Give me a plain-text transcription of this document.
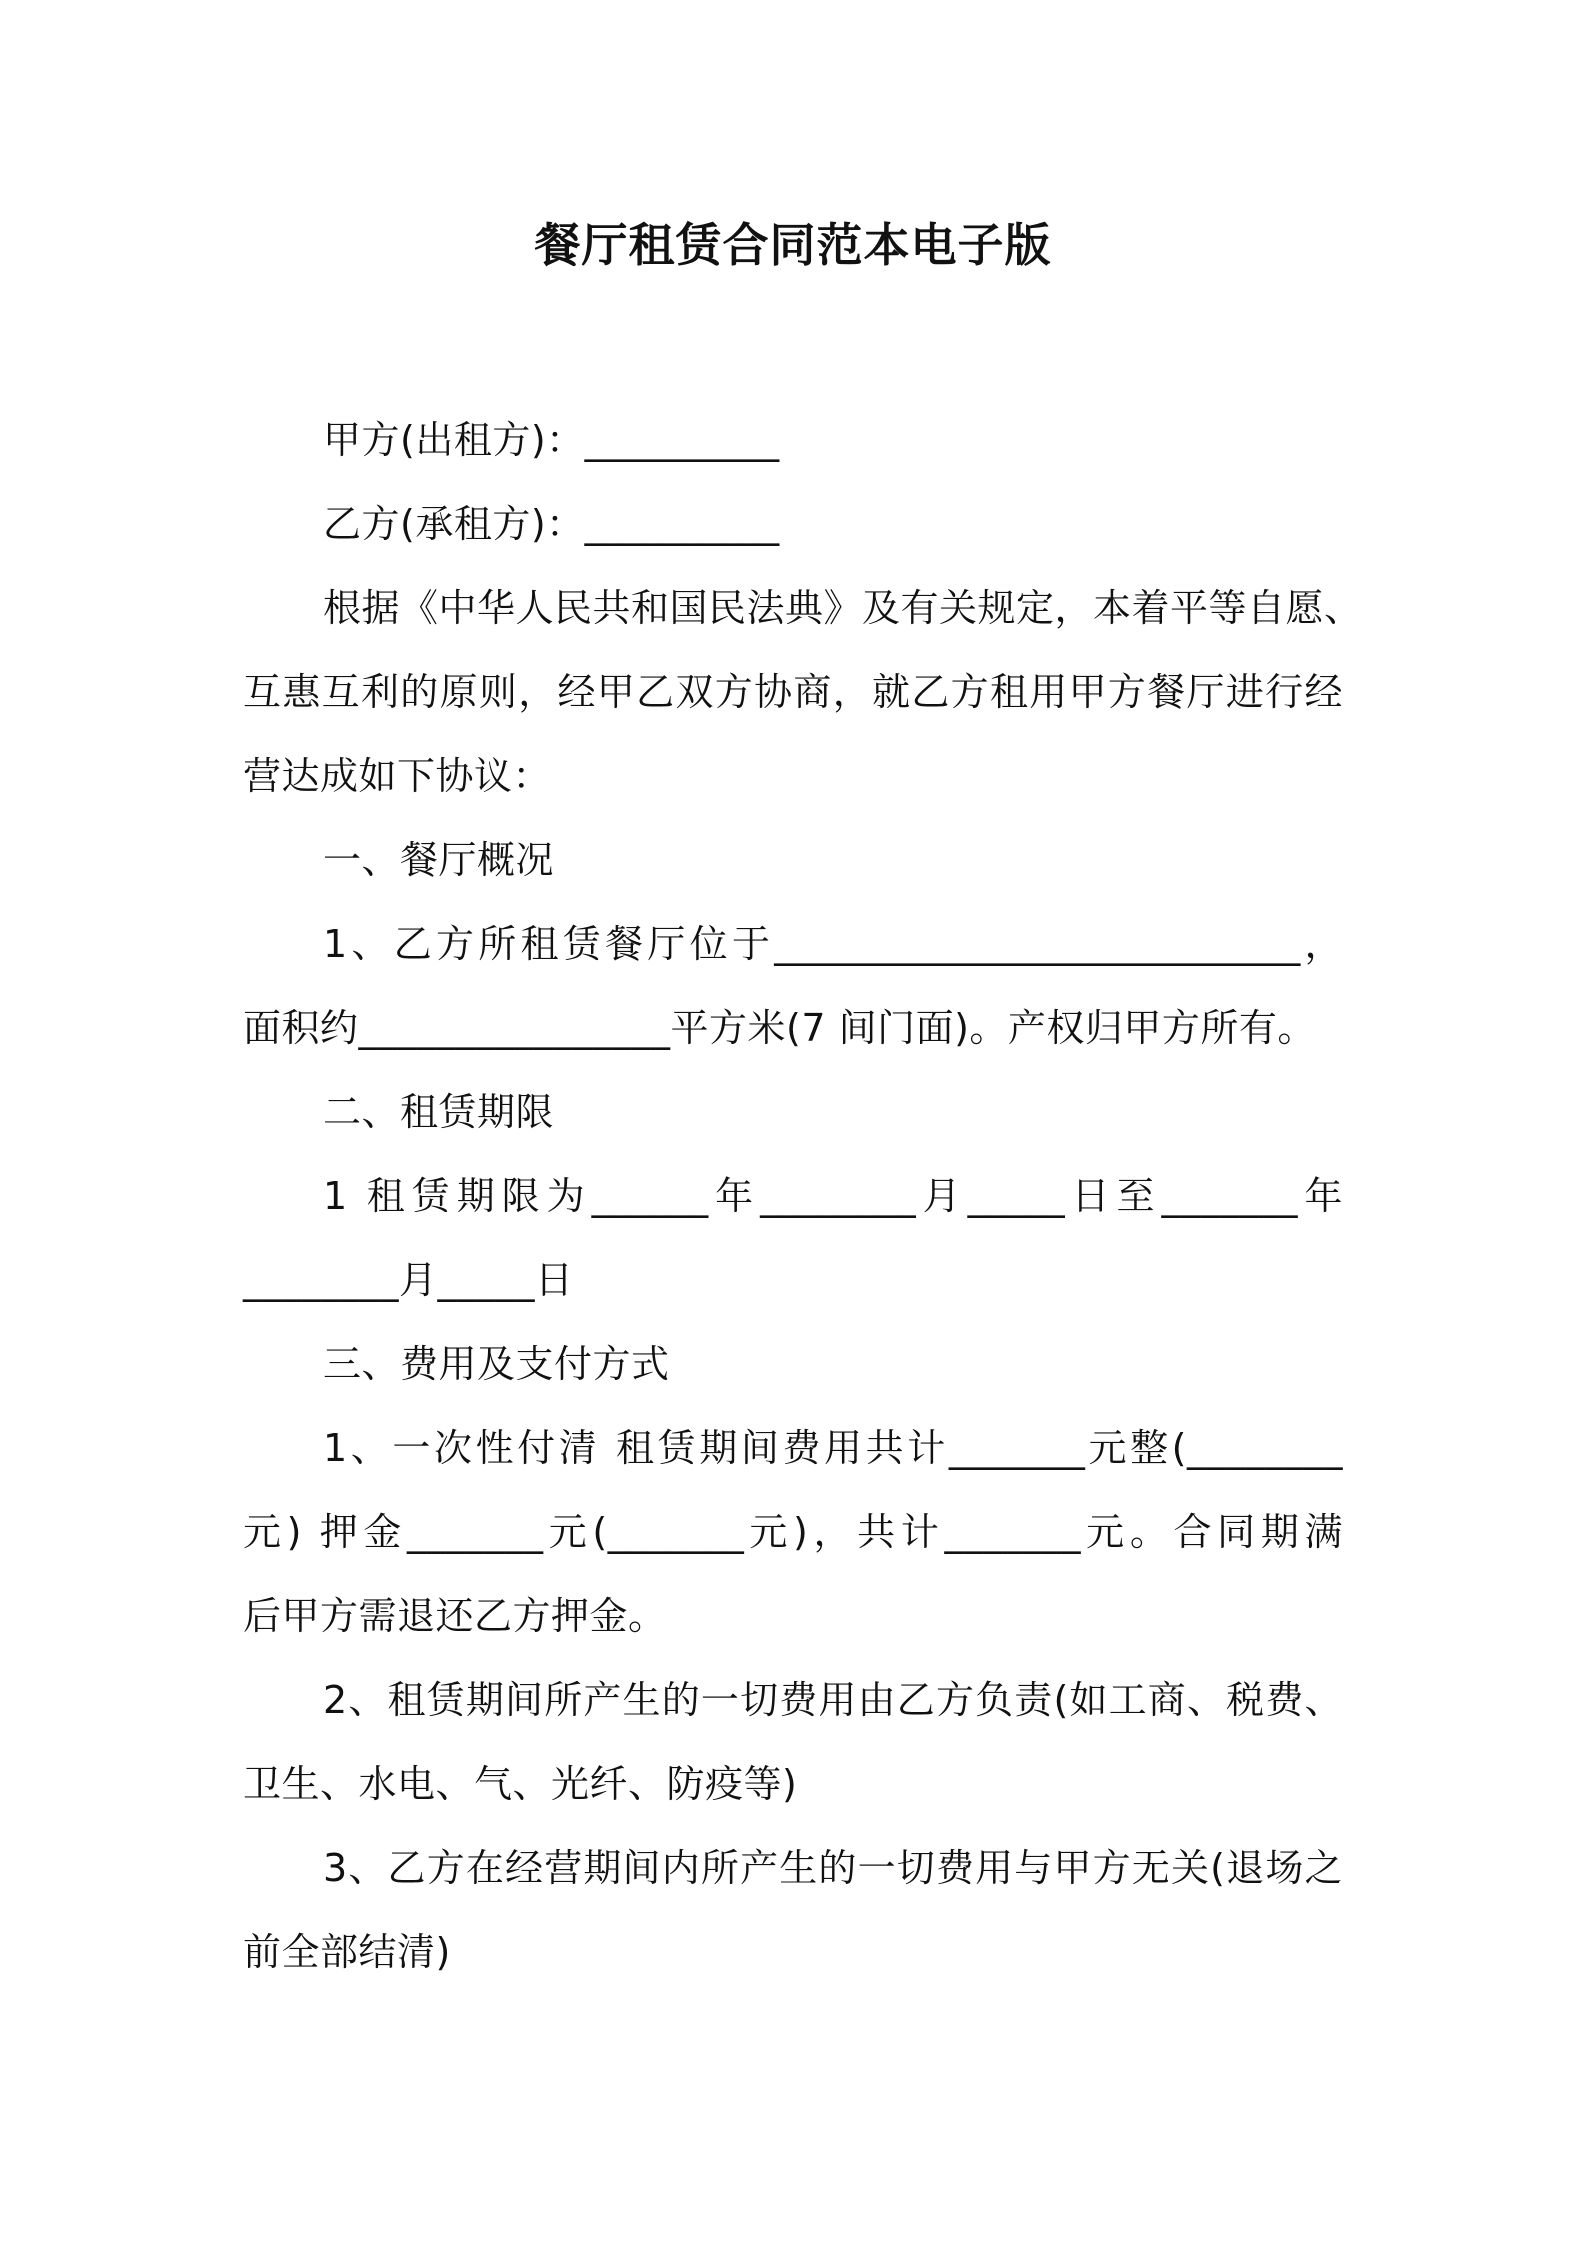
餐厅租赁合同范本电子版
甲方(出租方)：__________
乙方(承租方)：__________
根据《中华人民共和国民法典》及有关规定，本着平等自愿、
互惠互利的原则，经甲乙双方协商，就乙方租用甲方餐厅进行经
营达成如下协议：
一、餐厅概况
1、乙方所租赁餐厅位于___________________________，
面积约________________平方米(7 间门面)。产权归甲方所有。
二、租赁期限
1 租赁期限为______年________月_____日至_______年
________月_____日
三、费用及支付方式
1、一次性付清 租赁期间费用共计_______元整(________
元) 押金_______元(_______元)，共计_______元。合同期满
后甲方需退还乙方押金。
2、租赁期间所产生的一切费用由乙方负责(如工商、税费、
卫生、水电、气、光纤、防疫等)
3、乙方在经营期间内所产生的一切费用与甲方无关(退场之
前全部结清)
